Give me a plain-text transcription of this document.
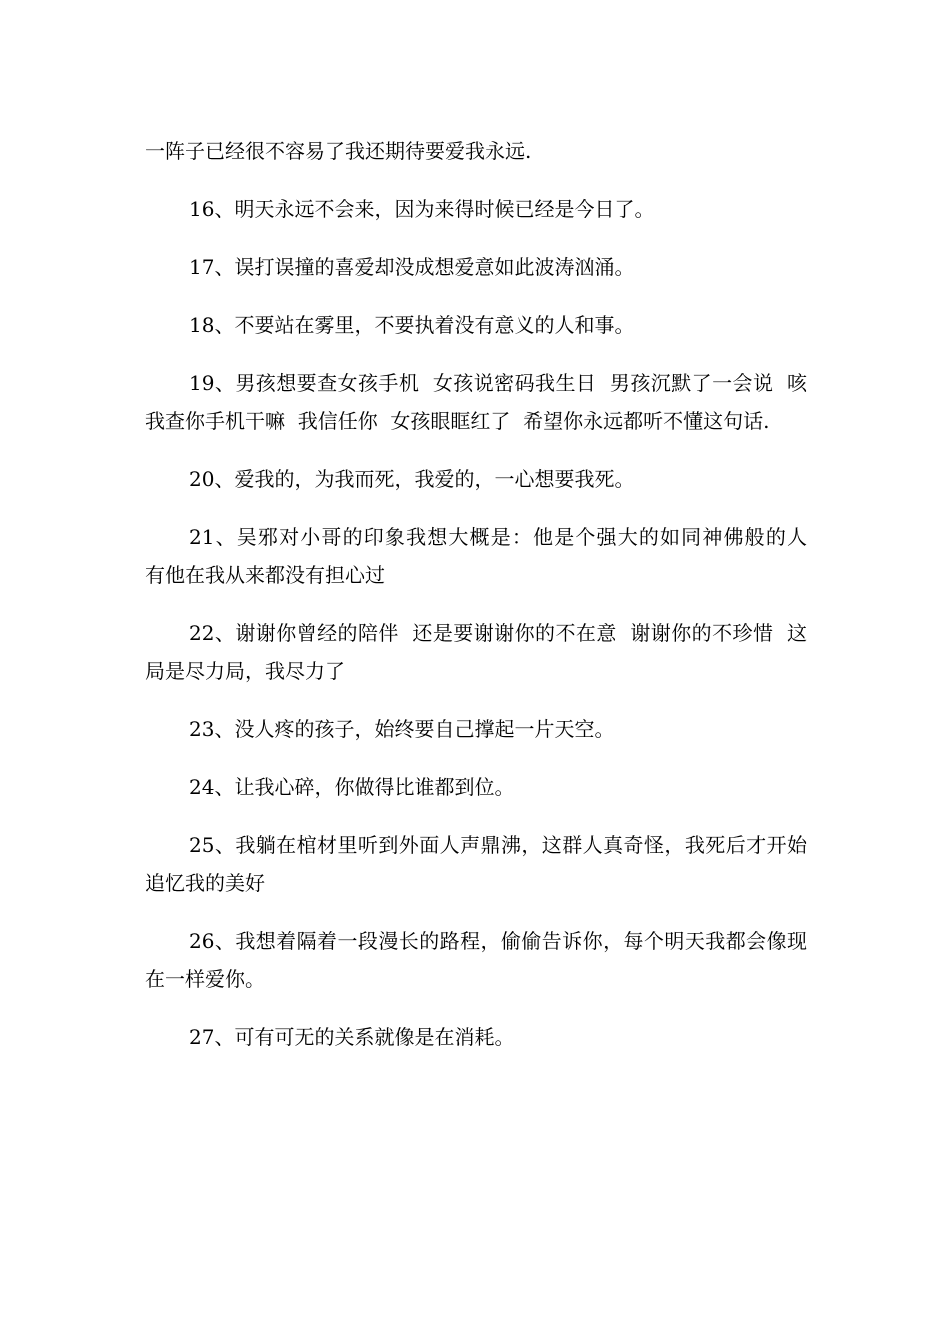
一阵子已经很不容易了我还期待要爱我永远.

16、明天永远不会来，因为来得时候已经是今日了。

17、误打误撞的喜爱却没成想爱意如此波涛汹涌。

18、不要站在雾里，不要执着没有意义的人和事。

19、男孩想要查女孩手机  女孩说密码我生日  男孩沉默了一会说  咳  我查你手机干嘛  我信任你  女孩眼眶红了  希望你永远都听不懂这句话.

20、爱我的，为我而死，我爱的，一心想要我死。

21、吴邪对小哥的印象我想大概是：他是个强大的如同神佛般的人  有他在我从来都没有担心过

22、谢谢你曾经的陪伴  还是要谢谢你的不在意  谢谢你的不珍惜  这局是尽力局，我尽力了

23、没人疼的孩子，始终要自己撑起一片天空。

24、让我心碎，你做得比谁都到位。

25、我躺在棺材里听到外面人声鼎沸，这群人真奇怪，我死后才开始追忆我的美好

26、我想着隔着一段漫长的路程，偷偷告诉你，每个明天我都会像现在一样爱你。

27、可有可无的关系就像是在消耗。
